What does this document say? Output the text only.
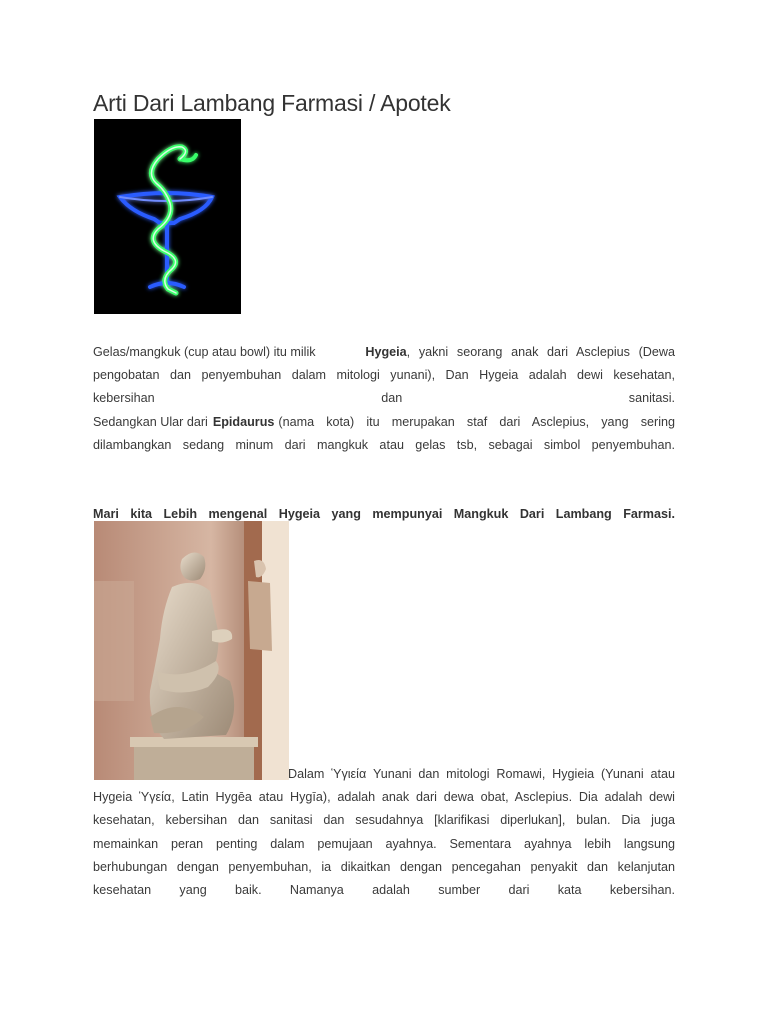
Arti Dari Lambang Farmasi / Apotek
Gelas/mangkuk (cup atau bowl) itu milik	Hygeia , yakni seorang anak dari Asclepius (Dewa
pengobatan dan penyembuhan dalam mitologi yunani), Dan Hygeia adalah dewi kesehatan,
kebersihan	dan	sanitasi.
Sedangkan Ular dari Epidaurus (nama kota) itu merupakan staf dari Asclepius, yang sering
dilambangkan sedang minum dari mangkuk atau gelas tsb, sebagai simbol penyembuhan.
Mari kita Lebih mengenal Hygeia yang mempunyai Mangkuk Dari Lambang Farmasi.
Dalam Ὑγιεία Yunani dan mitologi Romawi, Hygieia (Yunani atau
Hygeia Ὑγεία, Latin Hygēa atau Hygīa), adalah anak dari dewa obat, Asclepius. Dia adalah dewi
kesehatan, kebersihan dan sanitasi dan sesudahnya [klarifikasi diperlukan], bulan. Dia juga
memainkan peran penting dalam pemujaan ayahnya. Sementara ayahnya lebih langsung
berhubungan dengan penyembuhan, ia dikaitkan dengan pencegahan penyakit dan kelanjutan
kesehatan yang baik. Namanya adalah sumber dari kata kebersihan.
